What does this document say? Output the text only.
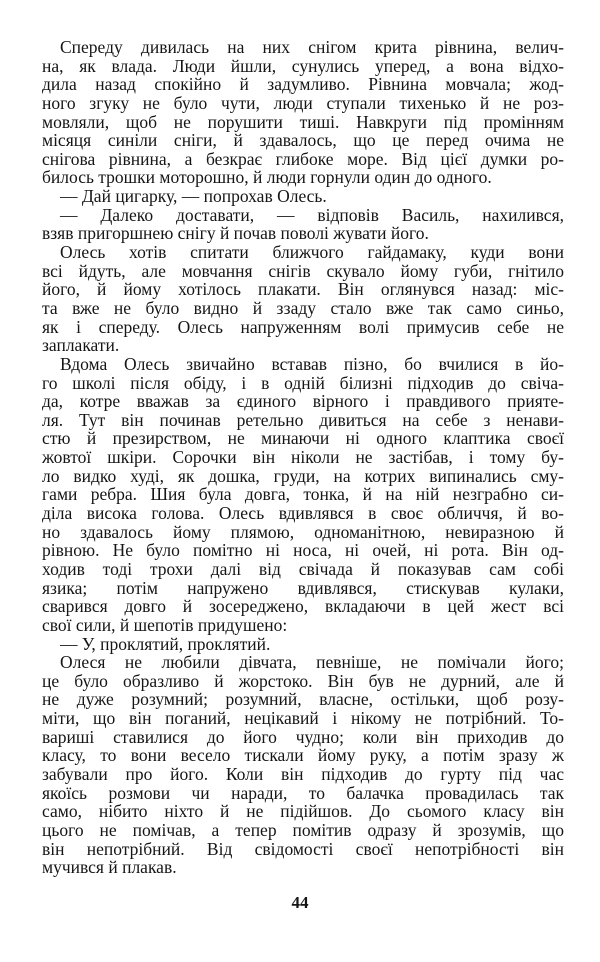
Спереду дивилась на них снігом крита рівнина, велич-
на, як влада. Люди йшли, сунулись уперед, а вона відхо-
дила назад спокійно й задумливо. Рівнина мовчала; жод-
ного згуку не було чути, люди ступали тихенько й не роз-
мовляли, щоб не порушити тиші. Навкруги під промінням
місяця синіли сніги, й здавалось, що це перед очима не
снігова рівнина, а безкрає глибоке море. Від цієї думки ро-
билось трошки моторошно, й люди горнули один до одного.
— Дай цигарку, — попрохав Олесь.
— Далеко доставати, — відповів Василь, нахилився,
взяв пригоршнею снігу й почав поволі жувати його.
Олесь хотів спитати ближчого гайдамаку, куди вони
всі йдуть, але мовчання снігів скувало йому губи, гнітило
його, й йому хотілось плакати. Він оглянувся назад: міс-
та вже не було видно й ззаду стало вже так само синьо,
як і спереду. Олесь напруженням волі примусив себе не
заплакати.
Вдома Олесь звичайно вставав пізно, бо вчилися в йо-
го школі після обіду, і в одній білизні підходив до свіча-
да, котре вважав за єдиного вірного і правдивого прияте-
ля. Тут він починав ретельно дивиться на себе з ненави-
стю й презирством, не минаючи ні одного клаптика своєї
жовтої шкіри. Сорочки він ніколи не застібав, і тому бу-
ло видко худі, як дошка, груди, на котрих випинались сму-
гами ребра. Шия була довга, тонка, й на ній незграбно си-
діла висока голова. Олесь вдивлявся в своє обличчя, й во-
но здавалось йому плямою, одноманітною, невиразною й
рівною. Не було помітно ні носа, ні очей, ні рота. Він од-
ходив тоді трохи далі від свічада й показував сам собі
язика; потім напружено вдивлявся, стискував кулаки,
сварився довго й зосереджено, вкладаючи в цей жест всі
свої сили, й шепотів придушено:
— У, проклятий, проклятий.
Олеся не любили дівчата, певніше, не помічали його;
це було образливо й жорстоко. Він був не дурний, але й
не дуже розумний; розумний, власне, остільки, щоб розу-
міти, що він поганий, нецікавий і нікому не потрібний. То-
вариші ставилися до його чудно; коли він приходив до
класу, то вони весело тискали йому руку, а потім зразу ж
забували про його. Коли він підходив до гурту під час
якоїсь розмови чи наради, то балачка провадилась так
само, нібито ніхто й не підійшов. До сьомого класу він
цього не помічав, а тепер помітив одразу й зрозумів, що
він непотрібний. Від свідомості своєї непотрібності він
мучився й плакав.
44
